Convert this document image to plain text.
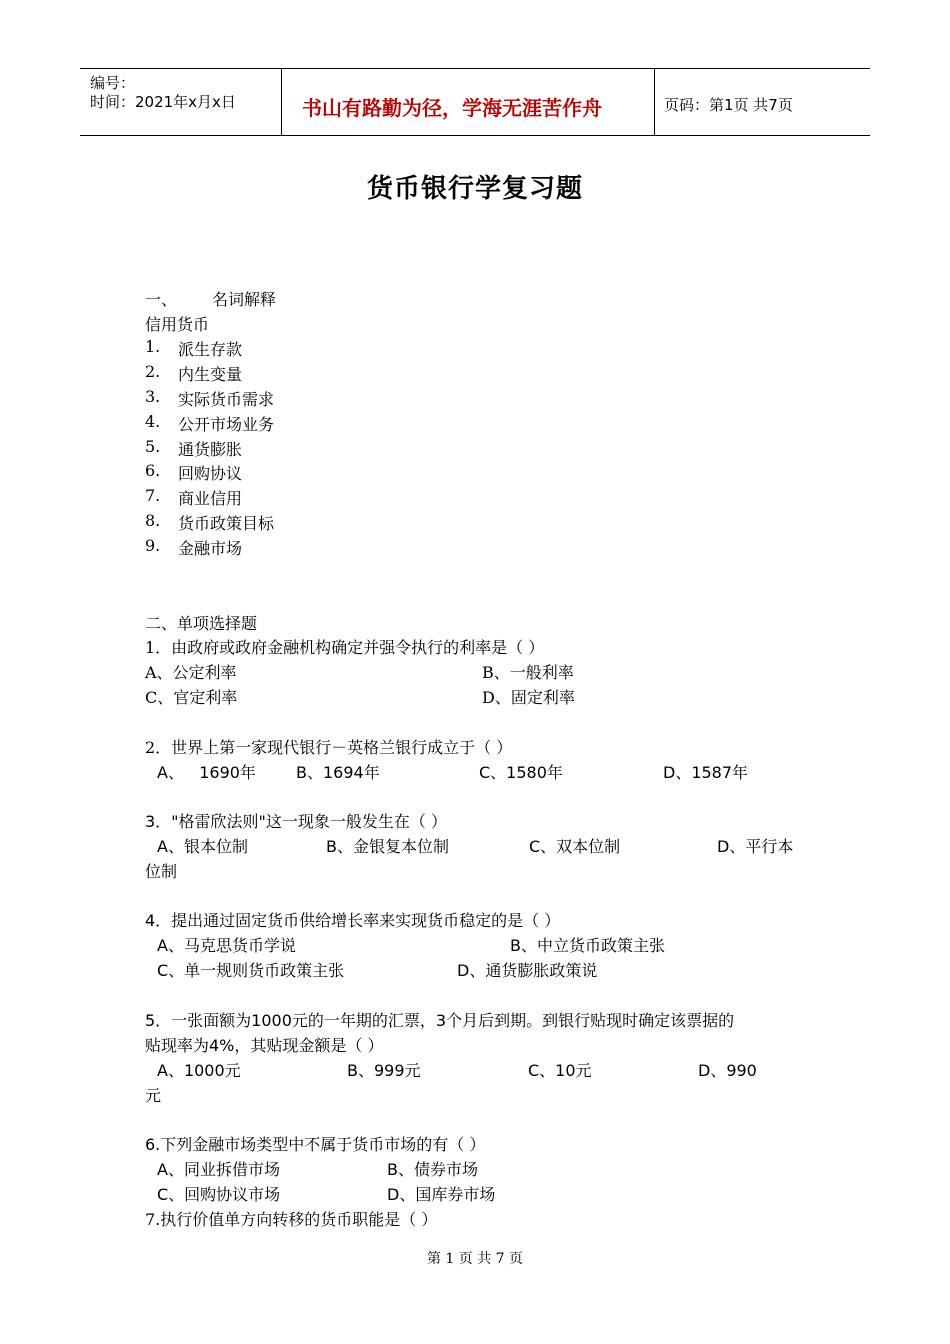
编号：
时间：2021年x月x日	书山有路勤为径，学海无涯苦作舟	页码：第1页 共7页
货币银行学复习题
一、 名词解释
信用货币
1. 派生存款
2. 内生变量
3. 实际货币需求
4. 公开市场业务
5. 通货膨胀
6. 回购协议
7. 商业信用
8. 货币政策目标
9. 金融市场
二、单项选择题
1．由政府或政府金融机构确定并强令执行的利率是（ ）
A、公定利率	B、一般利率
C、官定利率	D、固定利率
2．世界上第一家现代银行－英格兰银行成立于（ ）
A、   1690年	B、1694年	C、1580年	D、1587年
3．"格雷欣法则"这一现象一般发生在（ ）
A、银本位制	B、金银复本位制	C、双本位制	D、平行本
位制
4．提出通过固定货币供给增长率来实现货币稳定的是（ ）
A、马克思货币学说	B、中立货币政策主张
C、单一规则货币政策主张	D、通货膨胀政策说
5．一张面额为1000元的一年期的汇票，3个月后到期。到银行贴现时确定该票据的
贴现率为4%，其贴现金额是（ ）
A、1000元	B、999元	C、10元	D、990
元
6.下列金融市场类型中不属于货币市场的有（ ）
A、同业拆借市场	B、债券市场
C、回购协议市场	D、国库券市场
7.执行价值单方向转移的货币职能是（ ）
第 1 页 共 7 页
